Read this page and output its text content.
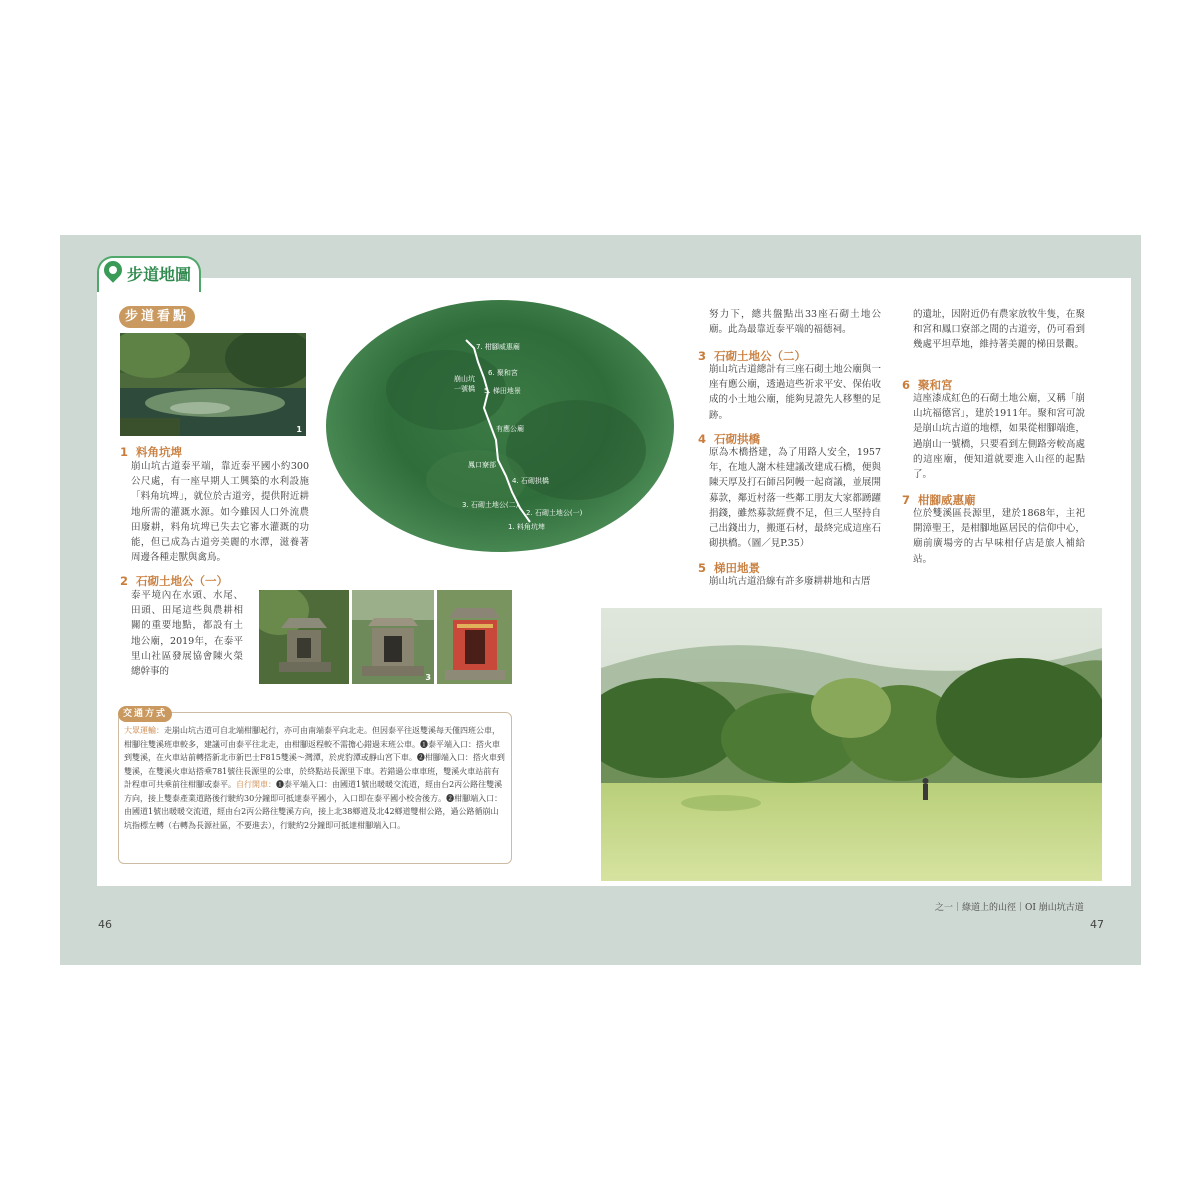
步道地圖
步道看點
1
1 料角坑埤
崩山坑古道泰平端，靠近泰平國小約300公尺處，有一座早期人工興築的水利設施「料角坑埤」，就位於古道旁，提供附近耕地所需的灌溉水源。如今雖因人口外流農田廢耕，料角坑埤已失去它審水灌溉的功能，但已成為古道旁美麗的水潭，滋養著周邊各種走獸與禽鳥。
2 石砌土地公（一）
泰平境內在水頭、水尾、田頭、田尾這些與農耕相關的重要地點，都設有土地公廟，2019年，在泰平里山社區發展協會陳火榮總幹事的
3
7. 柑腳威惠廟
6. 聚和宮
崩山坑一號橋	5. 梯田地景
有應公廟
鳳口寮部
4. 石砌拱橋
3. 石砌土地公(二)
2. 石砌土地公(一)
1. 料角坑埤
交通方式
大眾運輸：走崩山坑古道可自北端柑腳起行，亦可由南端泰平向北走。但因泰平往返雙溪每天僅四班公車，柑腳往雙溪班車較多，建議可由泰平往北走，由柑腳返程較不需擔心錯過末班公車。❶泰平端入口：搭火車到雙溪，在火車站前轉搭新北市新巴士F815雙溪～灣潭，於虎豹潭或靜山宮下車。❷柑腳端入口：搭火車到雙溪，在雙溪火車站搭乘781號往長源里的公車，於終點站長源里下車。若錯過公車車班，雙溪火車站前有計程車可共乘前往柑腳或泰平。自行開車：❶泰平端入口：由國道1號出暖暖交流道，經由台2丙公路往雙溪方向，接上雙泰產業道路後行駛約30分鐘即可抵達泰平國小，入口即在泰平國小校舍後方。❷柑腳端入口：由國道1號出暖暖交流道，經由台2丙公路往雙溪方向，接上北38鄉道及北42鄉道雙柑公路，過公路循崩山坑指標左轉（右轉為長源社區，不要進去），行駛約2分鐘即可抵達柑腳端入口。
努力下，總共盤點出33座石砌土地公廟。此為最靠近泰平端的福德祠。
3 石砌土地公（二）
崩山坑古道總計有三座石砌土地公廟與一座有應公廟，透過這些祈求平安、保佑收成的小土地公廟，能夠見證先人移墾的足跡。
4 石砌拱橋
原為木橋搭建，為了用路人安全，1957年，在地人謝木桂建議改建成石橋，便與陳天厚及打石師呂阿幔一起商議，並展開募款，鄰近村落一些鄰工朋友大家都踴躍捐錢，雖然募款經費不足，但三人堅持自己出錢出力，搬運石材，最終完成這座石砌拱橋。（圖／見P.35）
5 梯田地景
崩山坑古道沿線有許多廢耕耕地和古厝
的遺址，因附近仍有農家放牧牛隻，在聚和宮和鳳口寮部之間的古道旁，仍可看到幾處平坦草地，維持著美麗的梯田景觀。
6 聚和宮
這座漆成紅色的石砌土地公廟，又稱「崩山坑福德宮」，建於1911年。聚和宮可說是崩山坑古道的地標，如果從柑腳端進，過崩山一號橋，只要看到左側路旁較高處的這座廟，便知道就要進入山徑的起點了。
7 柑腳威惠廟
位於雙溪區長源里，建於1868年，主祀開漳聖王，是柑腳地區居民的信仰中心，廟前廣場旁的古早味柑仔店是旅人補給站。
46
之一｜綠道上的山徑｜OI 崩山坑古道
47
